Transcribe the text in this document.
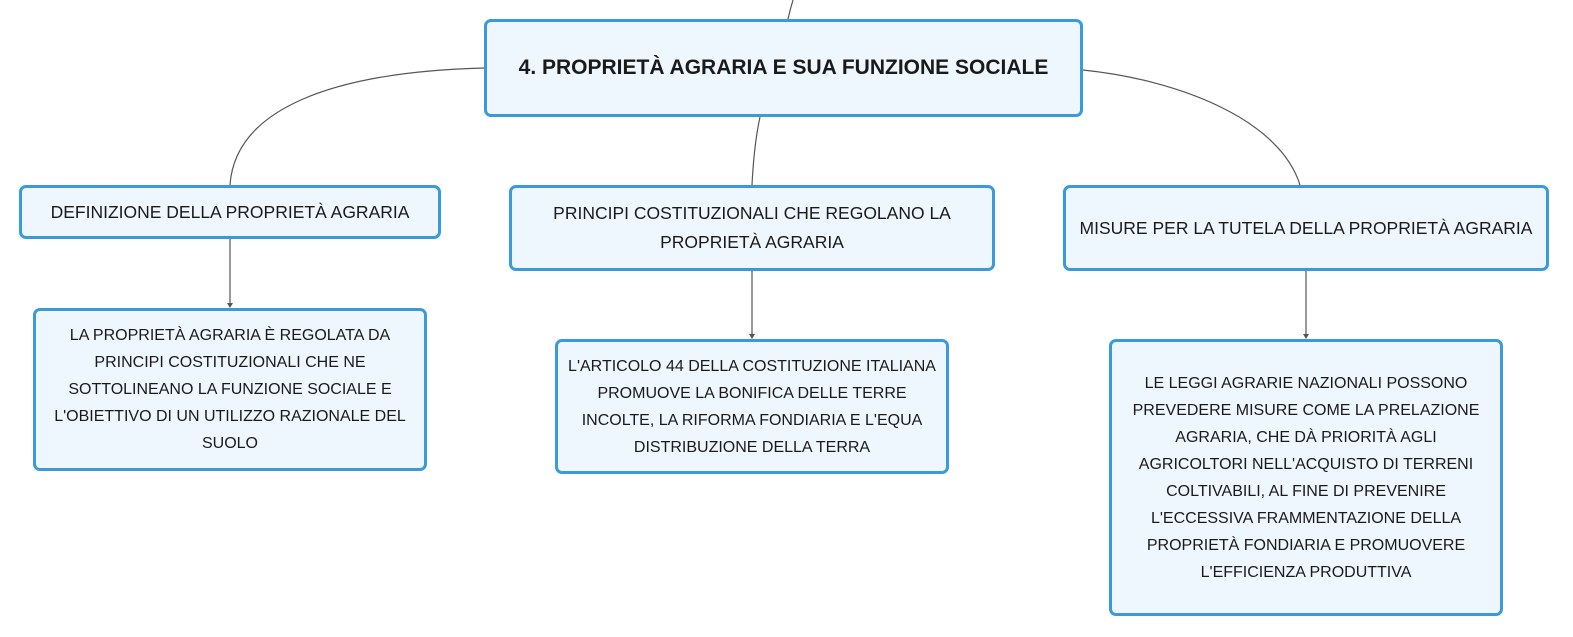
4. PROPRIETÀ AGRARIA E SUA FUNZIONE SOCIALE
DEFINIZIONE DELLA PROPRIETÀ AGRARIA	PRINCIPI COSTITUZIONALI CHE REGOLANO LA PROPRIETÀ AGRARIA
MISURE PER LA TUTELA DELLA PROPRIETÀ AGRARIA
LA PROPRIETÀ AGRARIA È REGOLATA DA PRINCIPI COSTITUZIONALI CHE NE SOTTOLINEANO LA FUNZIONE SOCIALE E L'OBIETTIVO DI UN UTILIZZO RAZIONALE DEL SUOLO
L'ARTICOLO 44 DELLA COSTITUZIONE ITALIANA PROMUOVE LA BONIFICA DELLE TERRE INCOLTE, LA RIFORMA FONDIARIA E L'EQUA DISTRIBUZIONE DELLA TERRA
LE LEGGI AGRARIE NAZIONALI POSSONO PREVEDERE MISURE COME LA PRELAZIONE AGRARIA, CHE DÀ PRIORITÀ AGLI AGRICOLTORI NELL'ACQUISTO DI TERRENI COLTIVABILI, AL FINE DI PREVENIRE L'ECCESSIVA FRAMMENTAZIONE DELLA PROPRIETÀ FONDIARIA E PROMUOVERE L'EFFICIENZA PRODUTTIVA
